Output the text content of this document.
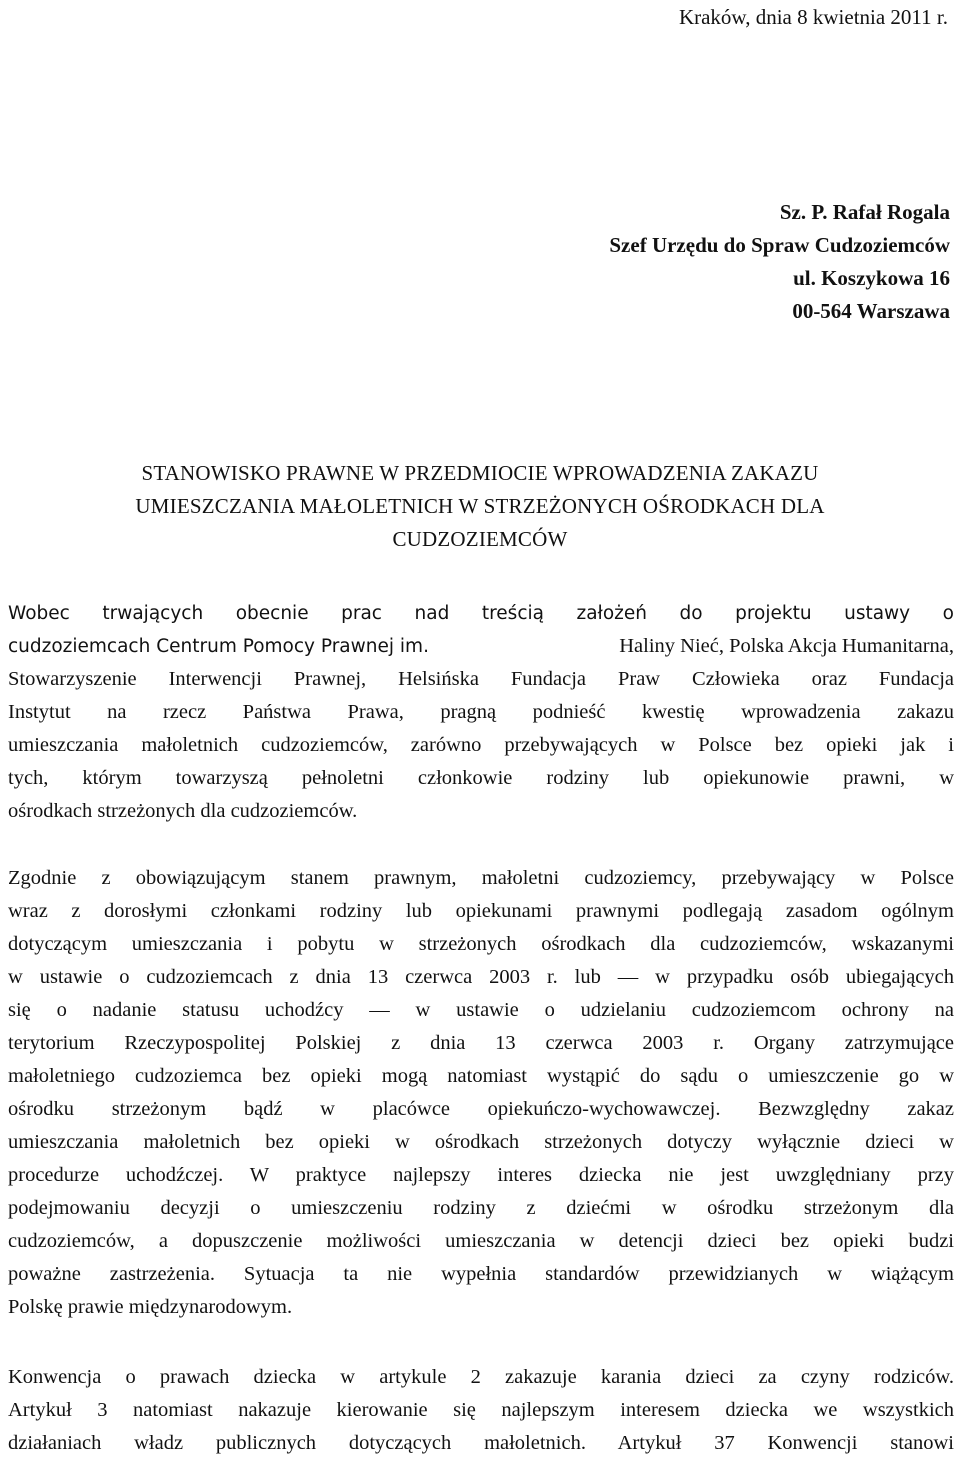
Kraków, dnia 8 kwietnia 2011 r.
Sz. P. Rafał Rogala
Szef Urzędu do Spraw Cudzoziemców
ul. Koszykowa 16
00-564 Warszawa
STANOWISKO PRAWNE W PRZEDMIOCIE WPROWADZENIA ZAKAZU
UMIESZCZANIA MAŁOLETNICH W STRZEŻONYCH OŚRODKACH DLA
CUDZOZIEMCÓW
Wobec trwających obecnie prac nad treścią założeń do projektu ustawy o
cudzoziemcach Centrum Pomocy Prawnej im.	Haliny Nieć, Polska Akcja Humanitarna,
Stowarzyszenie Interwencji Prawnej, Helsińska Fundacja Praw Człowieka oraz Fundacja
Instytut na rzecz Państwa Prawa, pragną podnieść kwestię wprowadzenia zakazu
umieszczania małoletnich cudzoziemców, zarówno przebywających w Polsce bez opieki jak i
tych, którym towarzyszą pełnoletni członkowie rodziny lub opiekunowie prawni, w
ośrodkach strzeżonych dla cudzoziemców.
Zgodnie z obowiązującym stanem prawnym, małoletni cudzoziemcy, przebywający w Polsce
wraz z dorosłymi członkami rodziny lub opiekunami prawnymi podlegają zasadom ogólnym
dotyczącym umieszczania i pobytu w strzeżonych ośrodkach dla cudzoziemców, wskazanymi
w ustawie o cudzoziemcach z dnia 13 czerwca 2003 r. lub ― w przypadku osób ubiegających
się o nadanie statusu uchodźcy ― w ustawie o udzielaniu cudzoziemcom ochrony na
terytorium Rzeczypospolitej Polskiej z dnia 13 czerwca 2003 r. Organy zatrzymujące
małoletniego cudzoziemca bez opieki mogą natomiast wystąpić do sądu o umieszczenie go w
ośrodku strzeżonym bądź w placówce opiekuńczo-wychowawczej. Bezwzględny zakaz
umieszczania małoletnich bez opieki w ośrodkach strzeżonych dotyczy wyłącznie dzieci w
procedurze uchodźczej. W praktyce najlepszy interes dziecka nie jest uwzględniany przy
podejmowaniu decyzji o umieszczeniu rodziny z dziećmi w ośrodku strzeżonym dla
cudzoziemców, a dopuszczenie możliwości umieszczania w detencji dzieci bez opieki budzi
poważne zastrzeżenia. Sytuacja ta nie wypełnia standardów przewidzianych w wiążącym
Polskę prawie międzynarodowym.
Konwencja o prawach dziecka w artykule 2 zakazuje karania dzieci za czyny rodziców.
Artykuł 3 natomiast nakazuje kierowanie się najlepszym interesem dziecka we wszystkich
działaniach władz publicznych dotyczących małoletnich. Artykuł 37 Konwencji stanowi
